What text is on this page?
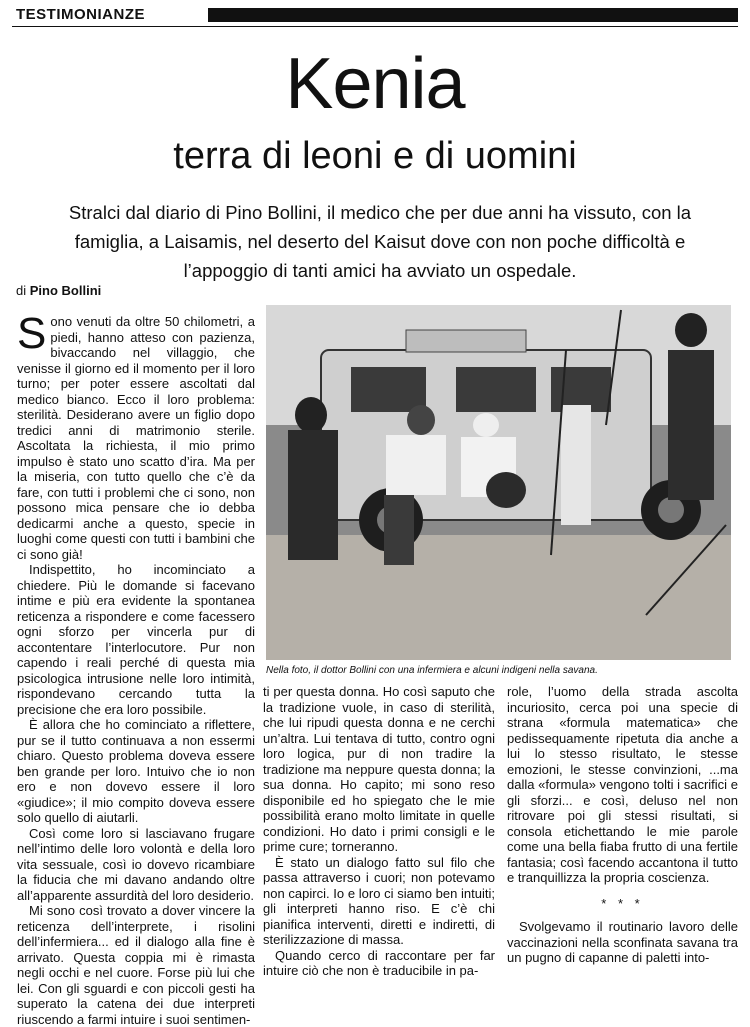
TESTIMONIANZE
Kenia
terra di leoni e di uomini
Stralci dal diario di Pino Bollini, il medico che per due anni ha vissuto, con la famiglia, a Laisamis, nel deserto del Kaisut dove con non poche difficoltà e l’appoggio di tanti amici ha avviato un ospedale.
di Pino Bollini
Nella foto, il dottor Bollini con una infermiera e alcuni indigeni nella savana.

Sono venuti da oltre 50 chilometri, a piedi, hanno atteso con pazienza, bivaccando nel villaggio, che venisse il giorno ed il momento per il loro turno; per poter essere ascoltati dal medico bianco. Ecco il loro problema: sterilità. Desiderano avere un figlio dopo tredici anni di matrimonio sterile. Ascoltata la richiesta, il mio primo impulso è stato uno scatto d’ira. Ma per la miseria, con tutto quello che c’è da fare, con tutti i problemi che ci sono, non possono mica pensare che io debba dedicarmi anche a questo, specie in luoghi come questi con tutti i bambini che ci sono già!

Indispettito, ho incominciato a chiedere. Più le domande si facevano intime e più era evidente la spontanea reticenza a rispondere e come facessero ogni sforzo per vincerla pur di accontentare l’interlocutore. Pur non capendo i reali perché di questa mia psicologica intrusione nelle loro intimità, rispondevano cercando tutta la precisione che era loro possibile.

È allora che ho cominciato a riflettere, pur se il tutto continuava a non essermi chiaro. Questo problema doveva essere ben grande per loro. Intuivo che io non ero e non dovevo essere il loro «giudice»; il mio compito doveva essere solo quello di aiutarli.

Così come loro si lasciavano frugare nell’intimo delle loro volontà e della loro vita sessuale, così io dovevo ricambiare la fiducia che mi davano andando oltre all’apparente assurdità del loro desiderio.

Mi sono così trovato a dover vincere la reticenza dell’interprete, i risolini dell’infermiera... ed il dialogo alla fine è arrivato. Questa coppia mi è rimasta negli occhi e nel cuore. Forse più lui che lei. Con gli sguardi e con piccoli gesti ha superato la catena dei due interpreti riuscendo a farmi intuire i suoi sentimen-

ti per questa donna. Ho così saputo che la tradizione vuole, in caso di sterilità, che lui ripudi questa donna e ne cerchi un’altra. Lui tentava di tutto, contro ogni loro logica, pur di non tradire la tradizione ma neppure questa donna; la sua donna. Ho capito; mi sono reso disponibile ed ho spiegato che le mie possibilità erano molto limitate in quelle condizioni. Ho dato i primi consigli e le prime cure; torneranno.

È stato un dialogo fatto sul filo che passa attraverso i cuori; non potevamo non capirci. Io e loro ci siamo ben intuiti; gli interpreti hanno riso. E c’è chi pianifica interventi, diretti e indiretti, di sterilizzazione di massa.

Quando cerco di raccontare per far intuire ciò che non è traducibile in pa-

role, l’uomo della strada ascolta incuriosito, cerca poi una specie di strana «formula matematica» che pedissequamente ripetuta dia anche a lui lo stesso risultato, le stesse emozioni, le stesse convinzioni, ...ma dalla «formula» vengono tolti i sacrifici e gli sforzi... e così, deluso nel non ritrovare poi gli stessi risultati, si consola etichettando le mie parole come una bella fiaba frutto di una fertile fantasia; così facendo accantona il tutto e tranquillizza la propria coscienza.

* * *

Svolgevamo il routinario lavoro delle vaccinazioni nella sconfinata savana tra un pugno di capanne di paletti into-
